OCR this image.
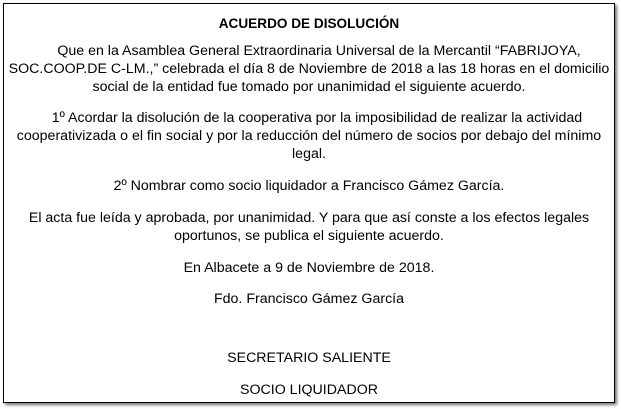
ACUERDO DE DISOLUCIÓN
Que en la Asamblea General Extraordinaria Universal de la Mercantil “FABRIJOYA,
SOC.COOP.DE C-LM.,” celebrada el día 8 de Noviembre de 2018 a las 18 horas en el domicilio
social de la entidad fue tomado por unanimidad el siguiente acuerdo.
1º Acordar la disolución de la cooperativa por la imposibilidad de realizar la actividad
cooperativizada o el fin social y por la reducción del número de socios por debajo del mínimo
legal.
2º Nombrar como socio liquidador a Francisco Gámez García.
El acta fue leída y aprobada, por unanimidad. Y para que así conste a los efectos legales
oportunos, se publica el siguiente acuerdo.
En Albacete a 9 de Noviembre de 2018.
Fdo. Francisco Gámez García
SECRETARIO SALIENTE
SOCIO LIQUIDADOR
